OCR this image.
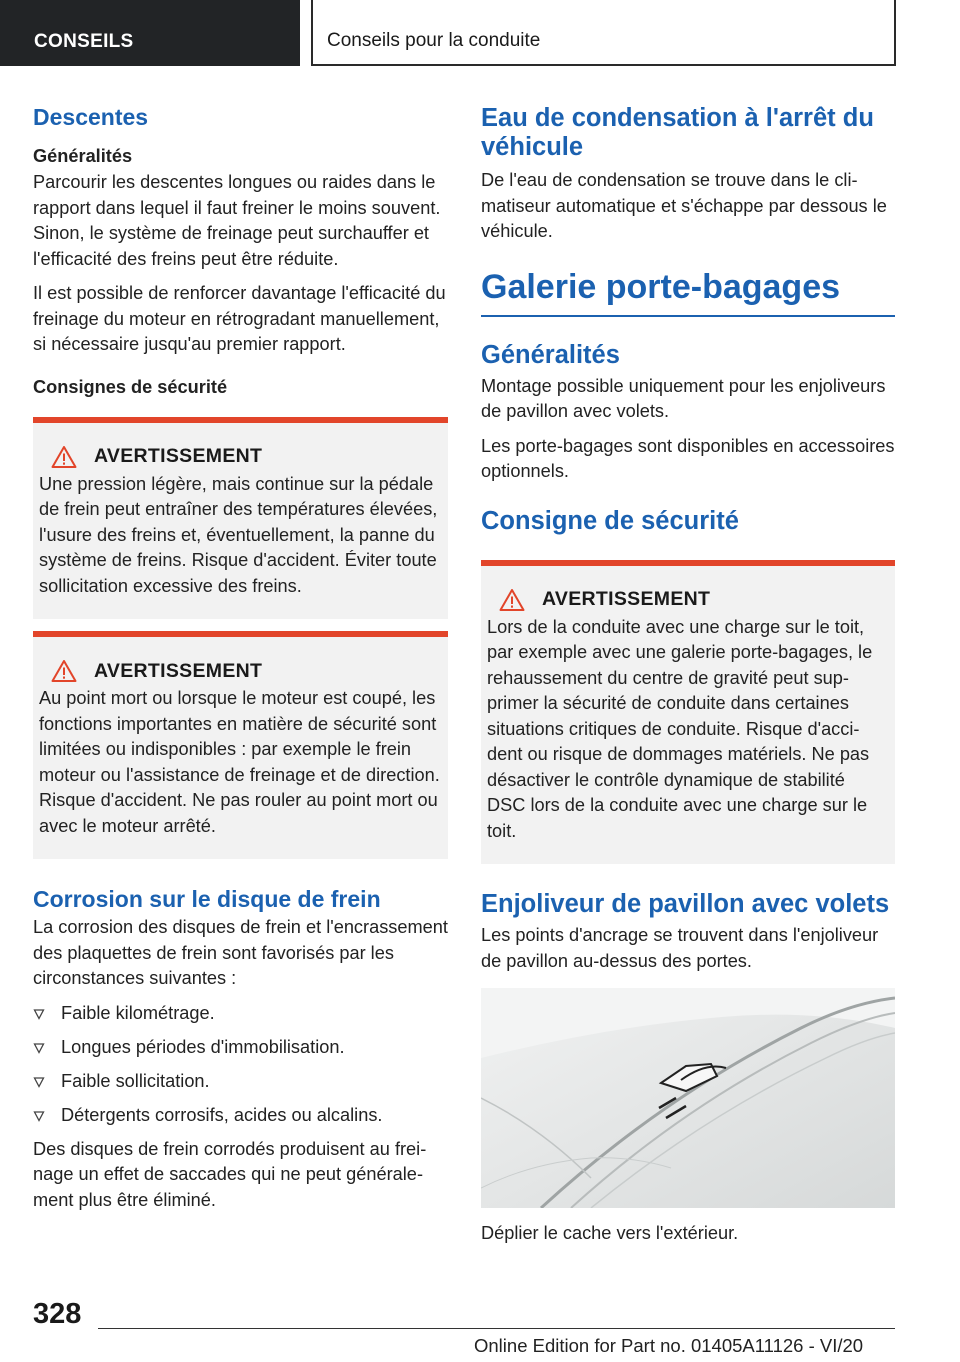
CONSEILS	Conseils pour la conduite
Descentes
Généralités

Parcourir les descentes longues ou raides dans le rapport dans lequel il faut freiner le moins souvent. Sinon, le système de freinage peut surchauffer et l'efficacité des freins peut être réduite.

Il est possible de renforcer davantage l'efficacité du freinage du moteur en rétrogradant manuellement, si nécessaire jusqu'au premier rapport.

Consignes de sécurité
AVERTISSEMENT
Une pression légère, mais continue sur la pédale de frein peut entraîner des températures élevées, l'usure des freins et, éventuellement, la panne du système de freins. Risque d'accident. Éviter toute sollicitation excessive des freins.
AVERTISSEMENT
Au point mort ou lorsque le moteur est coupé, les fonctions importantes en matière de sécurité sont limitées ou indisponibles : par exemple le frein moteur ou l'assistance de freinage et de direction. Risque d'accident. Ne pas rouler au point mort ou avec le moteur arrêté.
Corrosion sur le disque de frein

La corrosion des disques de frein et l'encrassement des plaquettes de frein sont favorisés par les circonstances suivantes :

Faible kilométrage.
Longues périodes d'immobilisation.
Faible sollicitation.
Détergents corrosifs, acides ou alcalins.

Des disques de frein corrodés produisent au freinage un effet de saccades qui ne peut généralement plus être éliminé.

Eau de condensation à l'arrêt du véhicule

De l'eau de condensation se trouve dans le climatiseur automatique et s'échappe par dessous le véhicule.

Galerie porte-bagages
Généralités

Montage possible uniquement pour les enjoliveurs de pavillon avec volets.

Les porte-bagages sont disponibles en accessoires optionnels.

Consigne de sécurité
AVERTISSEMENT
Lors de la conduite avec une charge sur le toit, par exemple avec une galerie porte-bagages, le rehaussement du centre de gravité peut supprimer la sécurité de conduite dans certaines situations critiques de conduite. Risque d'accident ou risque de dommages matériels. Ne pas désactiver le contrôle dynamique de stabilité DSC lors de la conduite avec une charge sur le toit.
Enjoliveur de pavillon avec volets

Les points d'ancrage se trouvent dans l'enjoliveur de pavillon au-dessus des portes.

Déplier le cache vers l'extérieur.

328
Online Edition for Part no. 01405A11126 - VI/20
